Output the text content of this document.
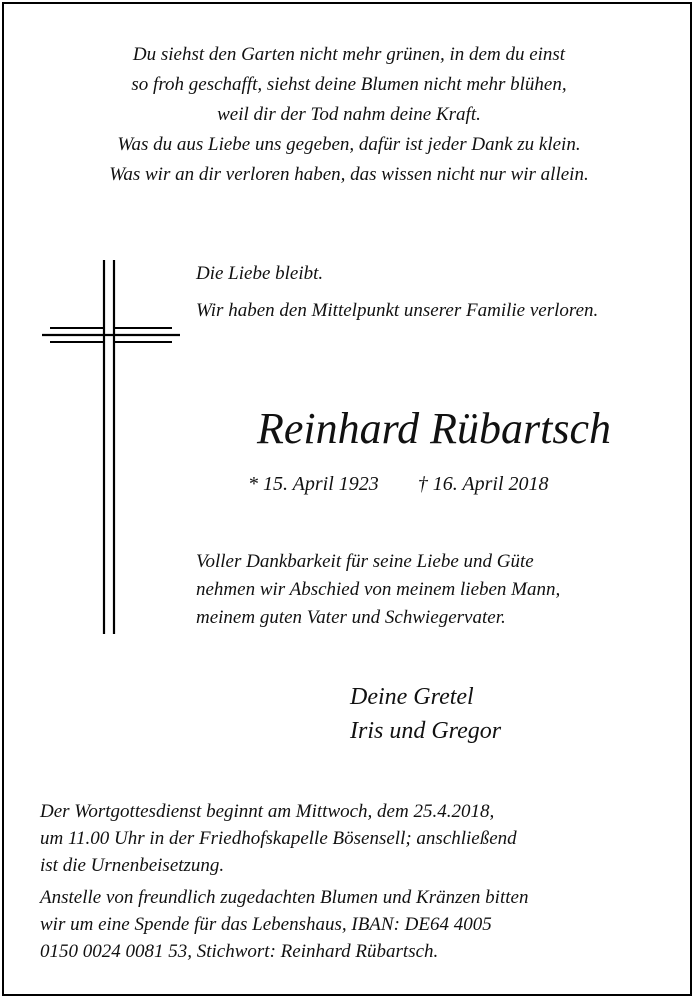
Du siehst den Garten nicht mehr grünen, in dem du einst
so froh geschafft, siehst deine Blumen nicht mehr blühen,
weil dir der Tod nahm deine Kraft.
Was du aus Liebe uns gegeben, dafür ist jeder Dank zu klein.
Was wir an dir verloren haben, das wissen nicht nur wir allein.
Die Liebe bleibt.
Wir haben den Mittelpunkt unserer Familie verloren.
Reinhard Rübartsch
* 15. April 1923 † 16. April 2018
Voller Dankbarkeit für seine Liebe und Güte
nehmen wir Abschied von meinem lieben Mann,
meinem guten Vater und Schwiegervater.
Deine Gretel
Iris und Gregor
Der Wortgottesdienst beginnt am Mittwoch, dem 25.4.2018,
um 11.00 Uhr in der Friedhofskapelle Bösensell; anschließend
ist die Urnenbeisetzung.
Anstelle von freundlich zugedachten Blumen und Kränzen bitten
wir um eine Spende für das Lebenshaus, IBAN: DE64 4005
0150 0024 0081 53, Stichwort: Reinhard Rübartsch.
